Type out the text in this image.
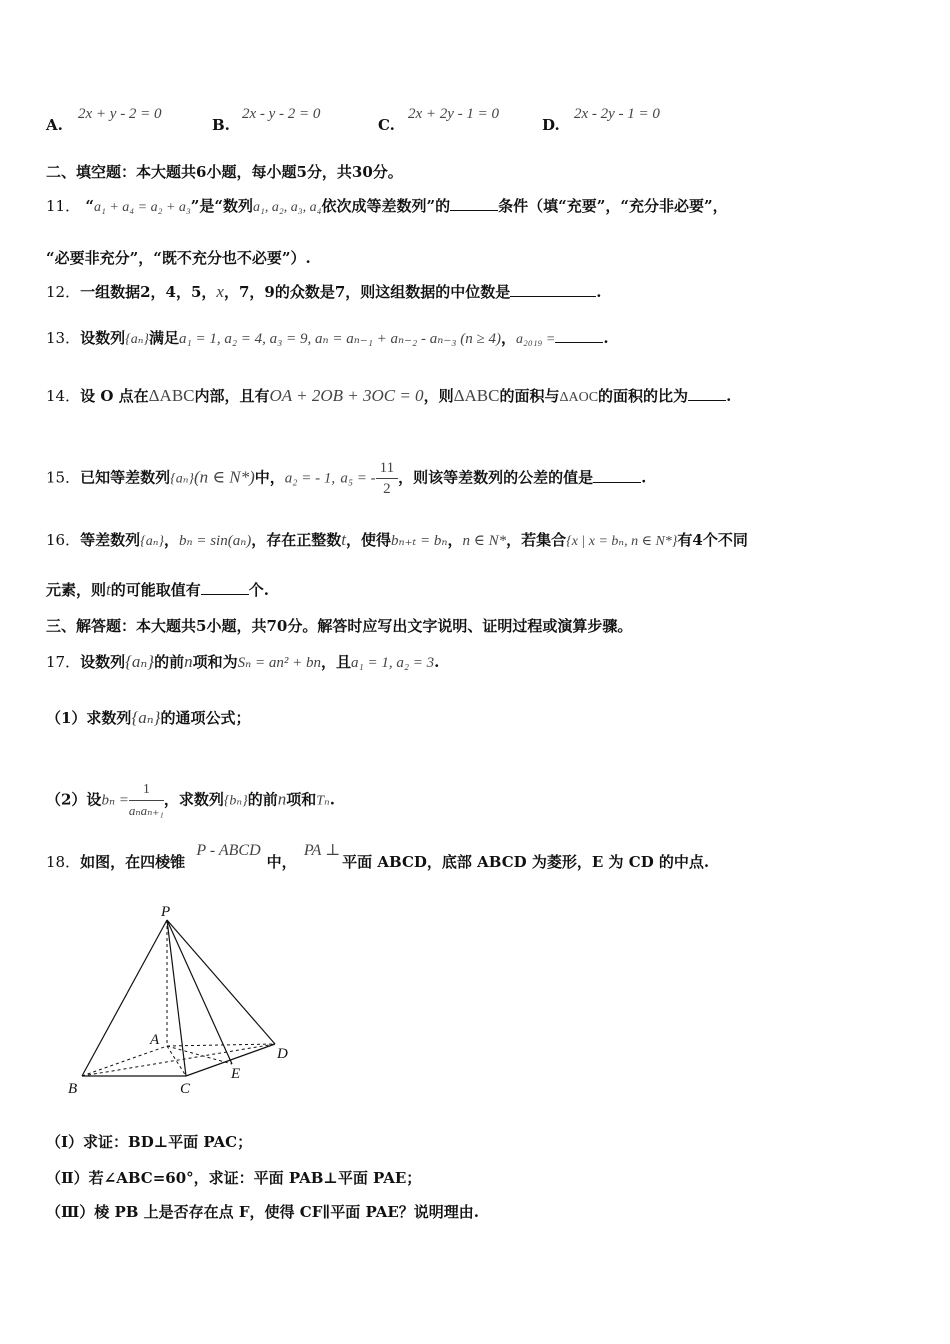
A.
2x + y - 2 = 0
B.
2x - y - 2 = 0
C.
2x + 2y - 1 = 0
D.
2x - 2y - 1 = 0
二、填空题：本大题共6小题，每小题5分，共30分。
11． “a₁ + a₄ = a₂ + a₃”是“数列a₁, a₂, a₃, a₄依次成等差数列”的	条件（填“充要”，“充分非必要”，
“必要非充分”，“既不充分也不必要”）.
12．一组数据2，4，5，x，7，9的众数是7，则这组数据的中位数是	.
13．设数列{aₙ}满足a₁ = 1, a₂ = 4, a₃ = 9, aₙ = aₙ₋₁ + aₙ₋₂ - aₙ₋₃ (n ≥ 4)，a₂₀₁₉ =	.
14．设 O 点在ΔABC内部，且有OA + 2OB + 3OC = 0，则ΔABC的面积与ΔAOC的面积的比为	.
15．已知等差数列{aₙ}(n ∈ N*)中，a₂ = - 1, a₅ = - $\frac{11}{2}$ ，则该等差数列的公差的值是	.
16．等差数列{aₙ}，bₙ = sin(aₙ)，存在正整数t，使得bₙ₊ₜ = bₙ，n ∈ N*，若集合{x | x = bₙ, n ∈ N*}有4个不同
元素，则t的可能取值有	个.
三、解答题：本大题共5小题，共70分。解答时应写出文字说明、证明过程或演算步骤。
17．设数列{aₙ}的前n项和为Sₙ = an² + bn，且a₁ = 1, a₂ = 3.
（1）求数列{aₙ}的通项公式；
（2）设$b_n = \frac{1}{\text{aₙaₙ₊₁}}$ ，求数列{bₙ}的前n项和Tₙ.
18．如图，在四棱锥 P - ABCD中， PA ⊥平面 ABCD，底部 ABCD 为菱形，E 为 CD 的中点.
P
A
B	C
D
E
（Ⅰ）求证：BD⊥平面 PAC；
（Ⅱ）若∠ABC=60°，求证：平面 PAB⊥平面 PAE；
（Ⅲ）棱 PB 上是否存在点 F，使得 CF∥平面 PAE？说明理由.
